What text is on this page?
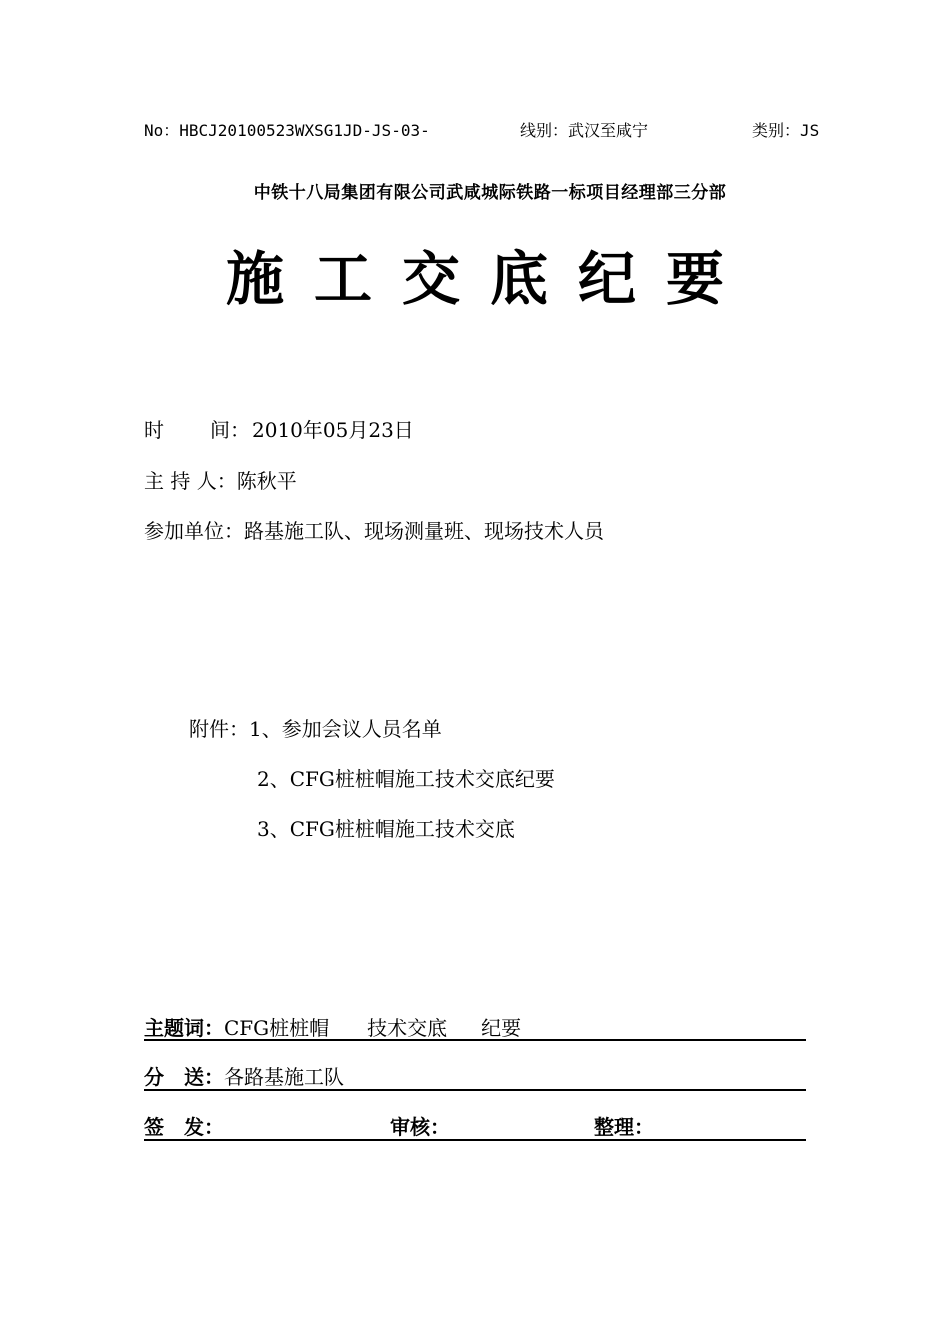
No：HBCJ20100523WXSG1JD-JS-03-	线别：武汉至咸宁	类别：JS
中铁十八局集团有限公司武咸城际铁路一标项目经理部三分部
施工交底纪要
时 间： 2010年05月23日
主 持 人：陈秋平
参加单位：路基施工队、现场测量班、现场技术人员
附件：1、参加会议人员名单
2、CFG桩桩帽施工技术交底纪要
3、CFG桩桩帽施工技术交底
主题词：CFG桩桩帽 技术交底 纪要
分　送：各路基施工队
签　发：	审核：	整理：
